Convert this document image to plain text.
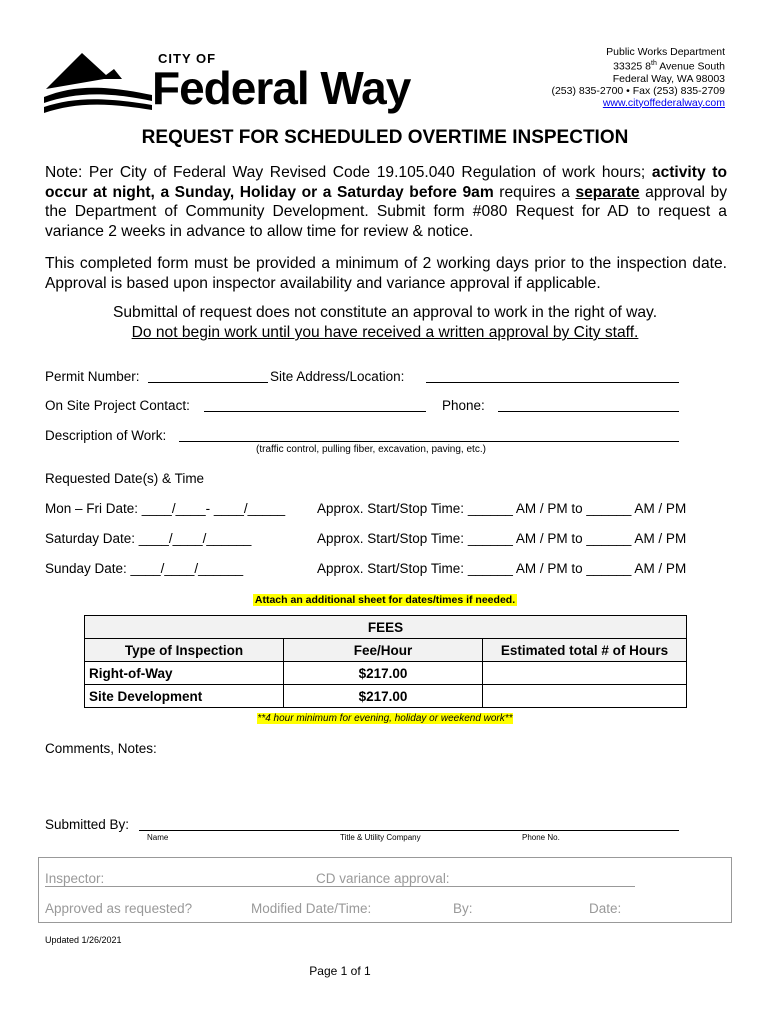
CITY OF
Federal Way
Public Works Department
33325 8th Avenue South
Federal Way, WA 98003
(253) 835-2700 • Fax (253) 835-2709
www.cityoffederalway.com
REQUEST FOR SCHEDULED OVERTIME INSPECTION
Note: Per City of Federal Way Revised Code 19.105.040 Regulation of work hours; activity to occur at night, a Sunday, Holiday or a Saturday before 9am requires a separate approval by the Department of Community Development. Submit form #080 Request for AD to request a variance 2 weeks in advance to allow time for review & notice.
This completed form must be provided a minimum of 2 working days prior to the inspection date. Approval is based upon inspector availability and variance approval if applicable.
Submittal of request does not constitute an approval to work in the right of way.
Do not begin work until you have received a written approval by City staff.
Permit Number:	Site Address/Location:
On Site Project Contact:	Phone:
Description of Work:
(traffic control, pulling fiber, excavation, paving, etc.)
Requested Date(s) & Time
Mon – Fri Date: ____/____- ____/_____ Approx. Start/Stop Time: ______ AM / PM to ______ AM / PM
Saturday Date: ____/____/______	Approx. Start/Stop Time: ______ AM / PM to ______ AM / PM
Sunday Date: ____/____/______	Approx. Start/Stop Time: ______ AM / PM to ______ AM / PM
Attach an additional sheet for dates/times if needed.
FEES		
Type of Inspection	Fee/Hour	Estimated total # of Hours
Right-of-Way	$217.00	
Site Development	$217.00	
**4 hour minimum for evening, holiday or weekend work**
Comments, Notes:
Submitted By:
Name	Title & Utility Company	Phone No.
Inspector:	CD variance approval:
Approved as requested?	Modified Date/Time:	By:	Date:
Updated 1/26/2021
Page 1 of 1
